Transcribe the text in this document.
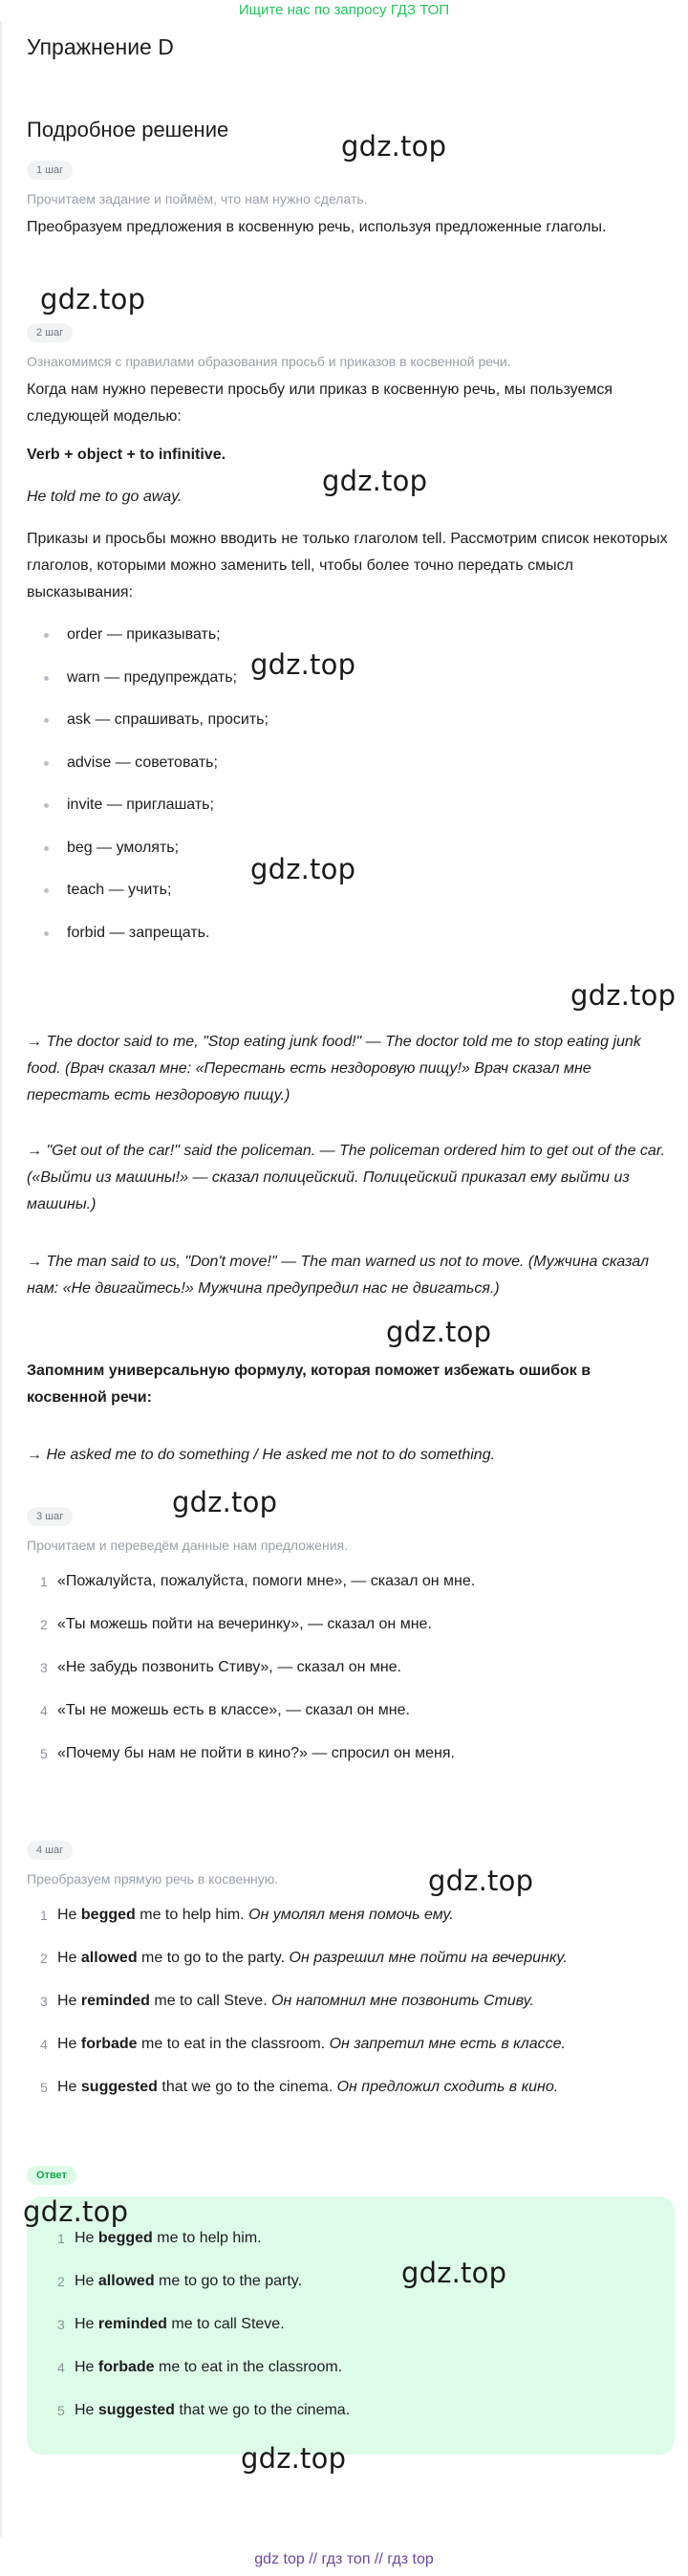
Ищите нас по запросу ГДЗ ТОП
Упражнение D
Подробное решение
1 шаг
Прочитаем задание и поймём, что нам нужно сделать.
Преобразуем предложения в косвенную речь, используя предложенные глаголы.
2 шаг
Ознакомимся с правилами образования просьб и приказов в косвенной речи.
Когда нам нужно перевести просьбу или приказ в косвенную речь, мы пользуемся следующей моделью:
Verb + object + to infinitive.
He told me to go away.
Приказы и просьбы можно вводить не только глаголом tell. Рассмотрим список некоторых глаголов, которыми можно заменить tell, чтобы более точно передать смысл высказывания:
order — приказывать;
warn — предупреждать;
ask — спрашивать, просить;
advise — советовать;
invite — приглашать;
beg — умолять;
teach — учить;
forbid — запрещать.
→ The doctor said to me, "Stop eating junk food!" — The doctor told me to stop eating junk food. (Врач сказал мне: «Перестань есть нездоровую пищу!» Врач сказал мне перестать есть нездоровую пищу.)
→ "Get out of the car!" said the policeman. — The policeman ordered him to get out of the car. («Выйти из машины!» — сказал полицейский. Полицейский приказал ему выйти из машины.)
→ The man said to us, "Don't move!" — The man warned us not to move. (Мужчина сказал нам: «Не двигайтесь!» Мужчина предупредил нас не двигаться.)
Запомним универсальную формулу, которая поможет избежать ошибок в косвенной речи:
→ He asked me to do something / He asked me not to do something.
3 шаг
Прочитаем и переведём данные нам предложения.
1 «Пожалуйста, пожалуйста, помоги мне», — сказал он мне.
2 «Ты можешь пойти на вечеринку», — сказал он мне.
3 «Не забудь позвонить Стиву», — сказал он мне.
4 «Ты не можешь есть в классе», — сказал он мне.
5 «Почему бы нам не пойти в кино?» — спросил он меня.
4 шаг
Преобразуем прямую речь в косвенную.
1 He begged me to help him. Он умолял меня помочь ему.
2 He allowed me to go to the party. Он разрешил мне пойти на вечеринку.
3 He reminded me to call Steve. Он напомнил мне позвонить Стиву.
4 He forbade me to eat in the classroom. Он запретил мне есть в классе.
5 He suggested that we go to the cinema. Он предложил сходить в кино.
Ответ
1 He begged me to help him.
2 He allowed me to go to the party.
3 He reminded me to call Steve.
4 He forbade me to eat in the classroom.
5 He suggested that we go to the cinema.
gdz.top
gdz.top
gdz.top
gdz.top
gdz.top
gdz.top
gdz.top
gdz.top
gdz.top
gdz.top
gdz.top
gdz.top
gdz top // гдз топ // гдз top
